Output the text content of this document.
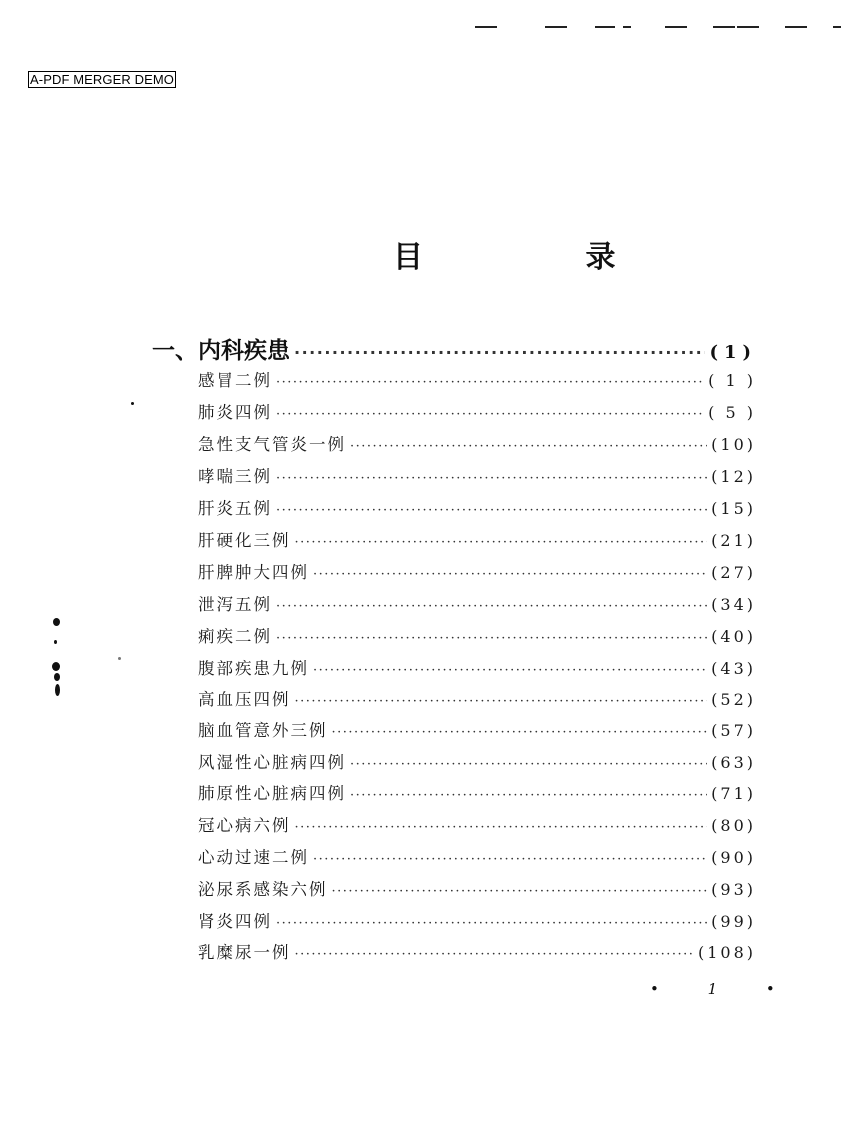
A-PDF MERGER DEMO
目 录
一、内科疾患 ·····	(1)
感冒二例 ·····	( 1 )
肺炎四例 ·····	( 5 )
急性支气管炎一例 ·····	(10)
哮喘三例 ·····	(12)
肝炎五例 ·····	(15)
肝硬化三例 ·····	(21)
肝脾肿大四例 ·····	(27)
泄泻五例 ·····	(34)
痢疾二例 ·····	(40)
腹部疾患九例 ·····	(43)
高血压四例 ·····	(52)
脑血管意外三例 ·····	(57)
风湿性心脏病四例 ·····	(63)
肺原性心脏病四例 ·····	(71)
冠心病六例 ·····	(80)
心动过速二例 ·····	(90)
泌尿系感染六例 ·····	(93)
肾炎四例 ·····	(99)
乳糜尿一例 ·····	(108)
• 1 •
